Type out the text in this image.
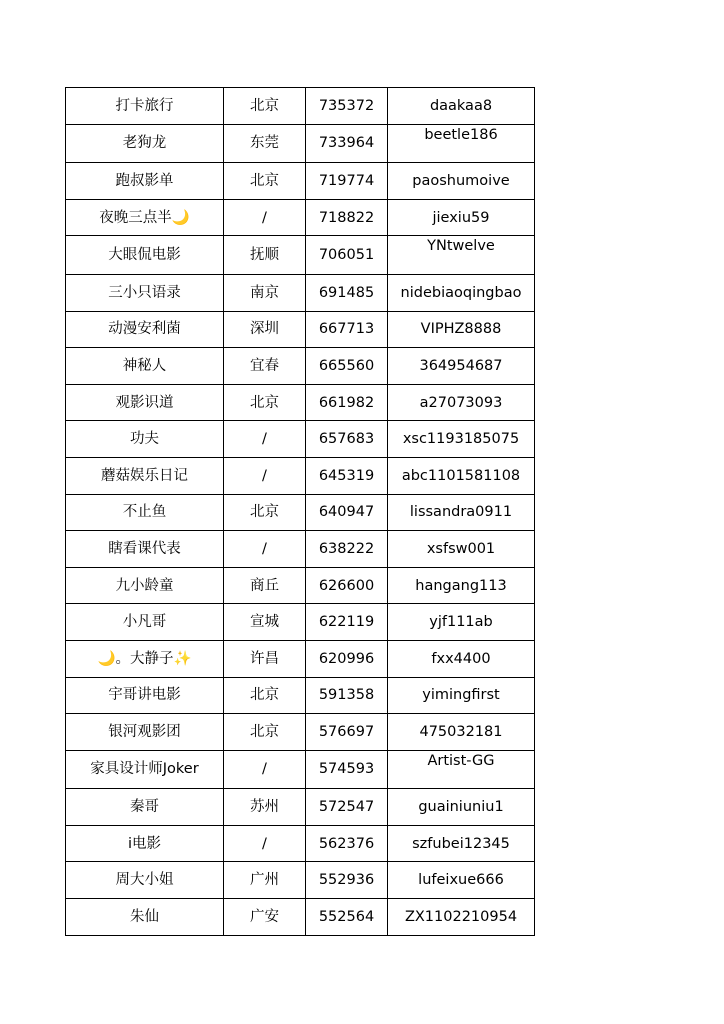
打卡旅行	北京	735372	daakaa8
老狗龙	东莞	733964	beetle186
跑叔影单	北京	719774	paoshumoive
夜晚三点半🌙	/	718822	jiexiu59
大眼侃电影	抚顺	706051	YNtwelve
三小只语录	南京	691485	nidebiaoqingbao
动漫安利菌	深圳	667713	VIPHZ8888
神秘人	宜春	665560	364954687
观影识道	北京	661982	a27073093
功夫	/	657683	xsc1193185075
蘑菇娱乐日记	/	645319	abc1101581108
不止鱼	北京	640947	lissandra0911
瞎看课代表	/	638222	xsfsw001
九小龄童	商丘	626600	hangang113
小凡哥	宣城	622119	yjf111ab
🌙。大静子✨	许昌	620996	fxx4400
宇哥讲电影	北京	591358	yimingfirst
银河观影团	北京	576697	475032181
家具设计师Joker	/	574593	Artist-GG
秦哥	苏州	572547	guainiuniu1
i电影	/	562376	szfubei12345
周大小姐	广州	552936	lufeixue666
朱仙	广安	552564	ZX1102210954
